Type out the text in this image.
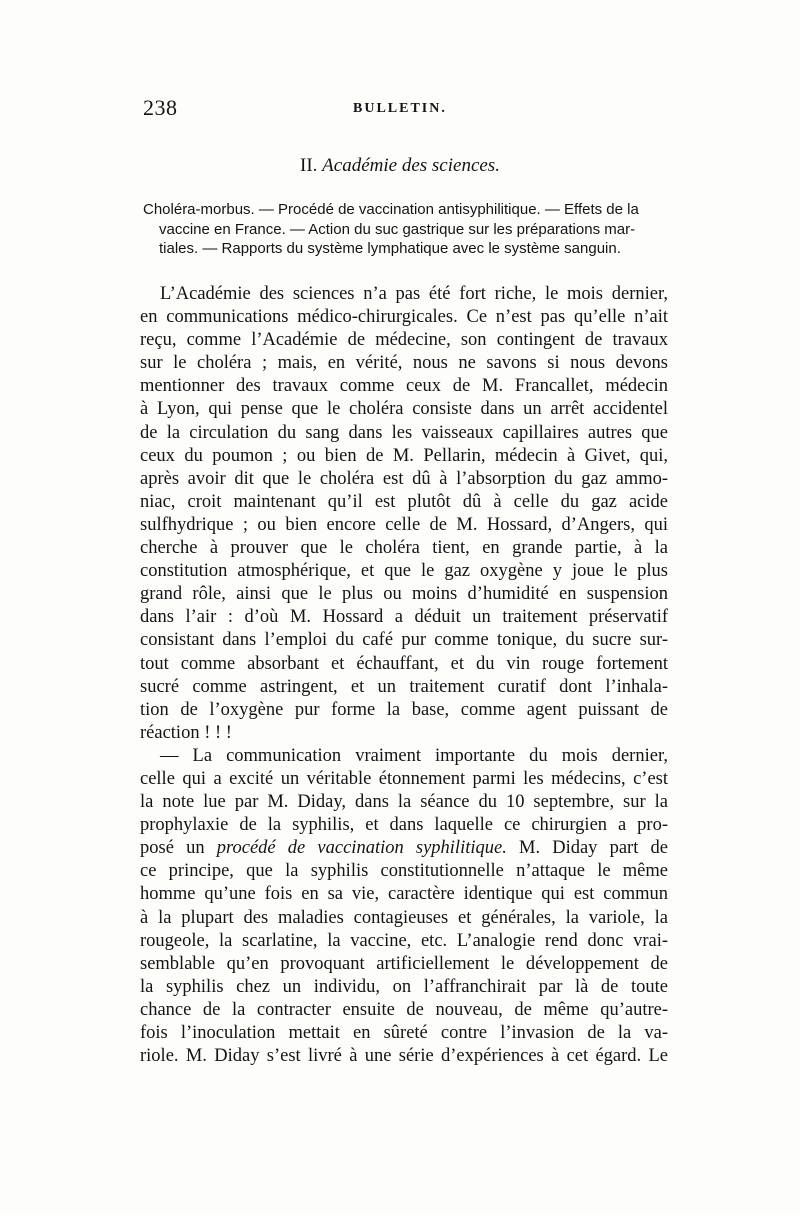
238	BULLETIN.
II. Académie des sciences.
Choléra-morbus. — Procédé de vaccination antisyphilitique. — Effets de la
vaccine en France. — Action du suc gastrique sur les préparations mar-
tiales. — Rapports du système lymphatique avec le système sanguin.
L’Académie des sciences n’a pas été fort riche, le mois dernier,
en communications médico-chirurgicales. Ce n’est pas qu’elle n’ait
reçu, comme l’Académie de médecine, son contingent de travaux
sur le choléra ; mais, en vérité, nous ne savons si nous devons
mentionner des travaux comme ceux de M. Francallet, médecin
à Lyon, qui pense que le choléra consiste dans un arrêt accidentel
de la circulation du sang dans les vaisseaux capillaires autres que
ceux du poumon ; ou bien de M. Pellarin, médecin à Givet, qui,
après avoir dit que le choléra est dû à l’absorption du gaz ammo-
niac, croit maintenant qu’il est plutôt dû à celle du gaz acide
sulfhydrique ; ou bien encore celle de M. Hossard, d’Angers, qui
cherche à prouver que le choléra tient, en grande partie, à la
constitution atmosphérique, et que le gaz oxygène y joue le plus
grand rôle, ainsi que le plus ou moins d’humidité en suspension
dans l’air : d’où M. Hossard a déduit un traitement préservatif
consistant dans l’emploi du café pur comme tonique, du sucre sur-
tout comme absorbant et échauffant, et du vin rouge fortement
sucré comme astringent, et un traitement curatif dont l’inhala-
tion de l’oxygène pur forme la base, comme agent puissant de
réaction ! ! !
— La communication vraiment importante du mois dernier,
celle qui a excité un véritable étonnement parmi les médecins, c’est
la note lue par M. Diday, dans la séance du 10 septembre, sur la
prophylaxie de la syphilis, et dans laquelle ce chirurgien a pro-
posé un procédé de vaccination syphilitique. M. Diday part de
ce principe, que la syphilis constitutionnelle n’attaque le même
homme qu’une fois en sa vie, caractère identique qui est commun
à la plupart des maladies contagieuses et générales, la variole, la
rougeole, la scarlatine, la vaccine, etc. L’analogie rend donc vrai-
semblable qu’en provoquant artificiellement le développement de
la syphilis chez un individu, on l’affranchirait par là de toute
chance de la contracter ensuite de nouveau, de même qu’autre-
fois l’inoculation mettait en sûreté contre l’invasion de la va-
riole. M. Diday s’est livré à une série d’expériences à cet égard. Le
